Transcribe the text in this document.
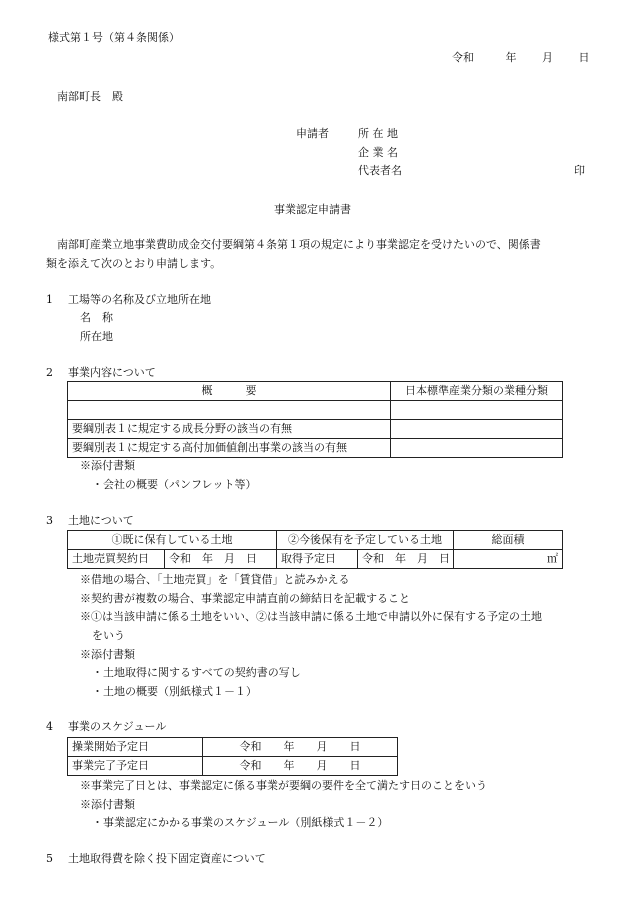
様式第１号（第４条関係）
令和	年 月 日
南部町長　殿
申請者	所 在 地
企 業 名
代表者名	印
事業認定申請書
南部町産業立地事業費助成金交付要綱第４条第１項の規定により事業認定を受けたいので、関係書
類を添えて次のとおり申請します。
1 工場等の名称及び立地所在地
名　称
所在地
2 事業内容について
概　　　要	日本標準産業分類の業種分類

要綱別表１に規定する成長分野の該当の有無	
要綱別表１に規定する高付加価値創出事業の該当の有無	
※添付書類
・会社の概要（パンフレット等）
3 土地について
①既に保有している土地		②今後保有を予定している土地		総面積
土地売買契約日	令和　年　月　日	取得予定日	令和　年　月　日	㎡
※借地の場合、「土地売買」を「賃貸借」と読みかえる
※契約書が複数の場合、事業認定申請直前の締結日を記載すること
※①は当該申請に係る土地をいい、②は当該申請に係る土地で申請以外に保有する予定の土地
をいう
※添付書類
・土地取得に関するすべての契約書の写し
・土地の概要（別紙様式１－１）
4 事業のスケジュール
操業開始予定日	令和　　年　　月　　日
事業完了予定日	令和　　年　　月　　日
※事業完了日とは、事業認定に係る事業が要綱の要件を全て満たす日のことをいう
※添付書類
・事業認定にかかる事業のスケジュール（別紙様式１－２）
5 土地取得費を除く投下固定資産について
